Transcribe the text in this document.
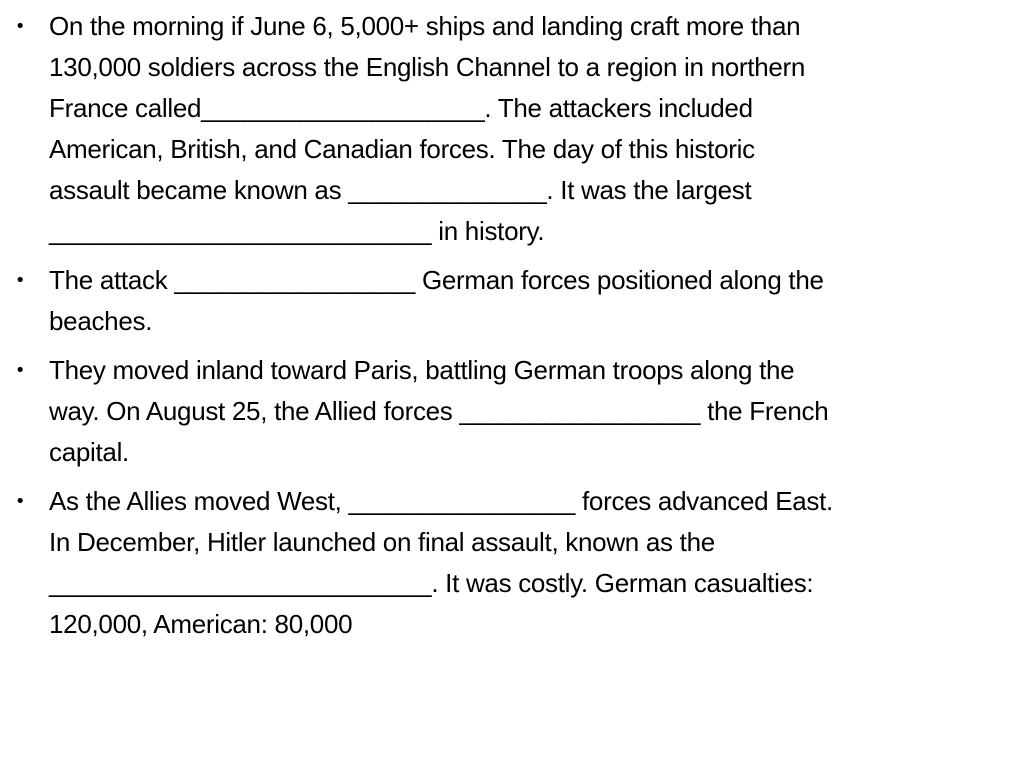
• On the morning if June 6, 5,000+ ships and landing craft more than
130,000 soldiers across the English Channel to a region in northern
France called____________________. The attackers included
American, British, and Canadian forces. The day of this historic
assault became known as ______________. It was the largest
___________________________ in history.
• The attack _________________ German forces positioned along the
beaches.
• They moved inland toward Paris, battling German troops along the
way. On August 25, the Allied forces _________________ the French
capital.
• As the Allies moved West, ________________ forces advanced East.
In December, Hitler launched on final assault, known as the
___________________________. It was costly. German casualties:
120,000, American: 80,000
